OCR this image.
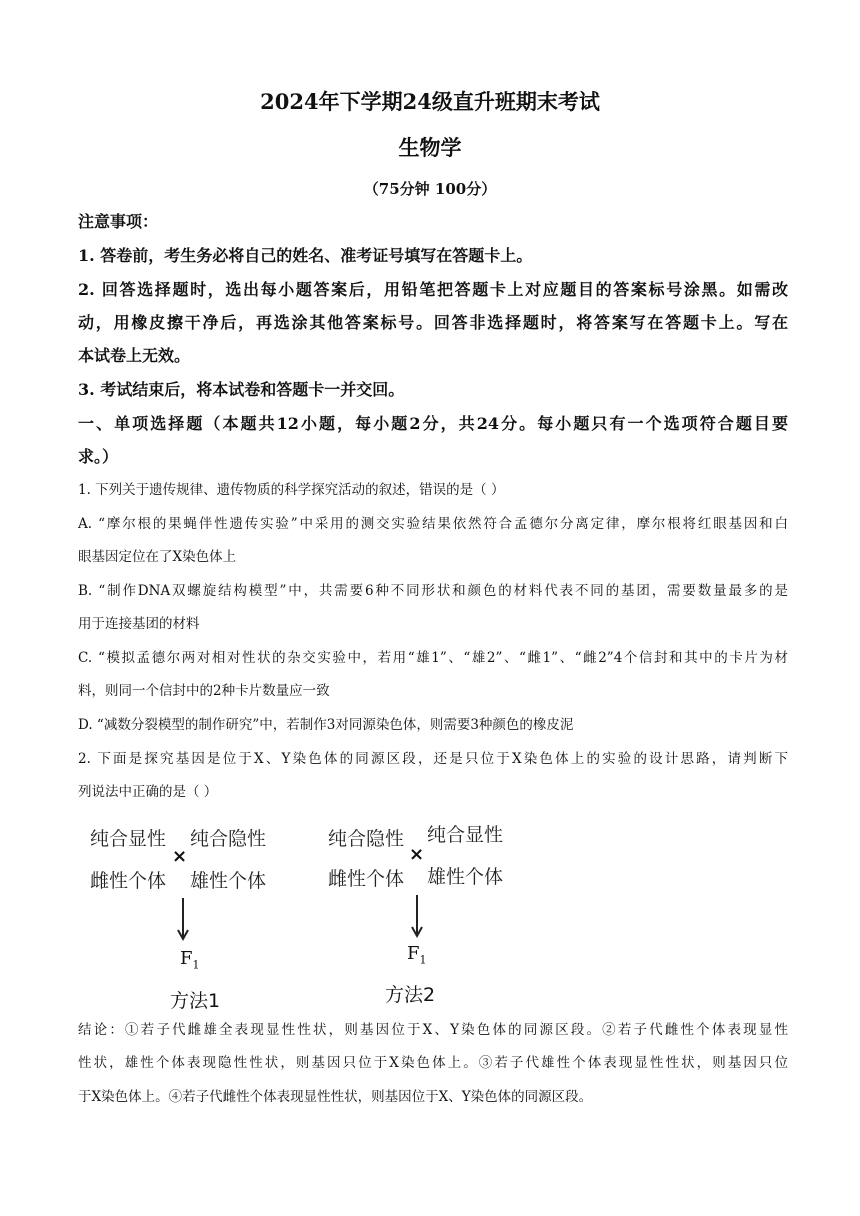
2024年下学期24级直升班期末考试
生物学
（75分钟 100分）
注意事项：
1. 答卷前，考生务必将自己的姓名、准考证号填写在答题卡上。
2. 回答选择题时，选出每小题答案后，用铅笔把答题卡上对应题目的答案标号涂黑。如需改
动，用橡皮擦干净后，再选涂其他答案标号。回答非选择题时，将答案写在答题卡上。写在
本试卷上无效。
3. 考试结束后，将本试卷和答题卡一并交回。
一、单项选择题（本题共12小题，每小题2分，共24分。每小题只有一个选项符合题目要
求。）
1. 下列关于遗传规律、遗传物质的科学探究活动的叙述，错误的是（ ）
A. “摩尔根的果蝇伴性遗传实验”中采用的测交实验结果依然符合孟德尔分离定律，摩尔根将红眼基因和白
眼基因定位在了X染色体上
B. “制作DNA双螺旋结构模型”中，共需要6种不同形状和颜色的材料代表不同的基团，需要数量最多的是
用于连接基团的材料
C. “模拟孟德尔两对相对性状的杂交实验中，若用“雄1”、“雄2”、“雌1”、“雌2”4个信封和其中的卡片为材
料，则同一个信封中的2种卡片数量应一致
D. “减数分裂模型的制作研究”中，若制作3对同源染色体，则需要3种颜色的橡皮泥
2. 下面是探究基因是位于X、Y染色体的同源区段，还是只位于X染色体上的实验的设计思路，请判断下
列说法中正确的是（ ）
纯合显性
雌性个体
×
纯合隐性
雄性个体
$F_1$
方法1
纯合隐性
雌性个体
×
纯合显性
雄性个体
$F_1$
方法2
结论：①若子代雌雄全表现显性性状，则基因位于X、Y染色体的同源区段。②若子代雌性个体表现显性
性状，雄性个体表现隐性性状，则基因只位于X染色体上。③若子代雄性个体表现显性性状，则基因只位
于X染色体上。④若子代雌性个体表现显性性状，则基因位于X、Y染色体的同源区段。
